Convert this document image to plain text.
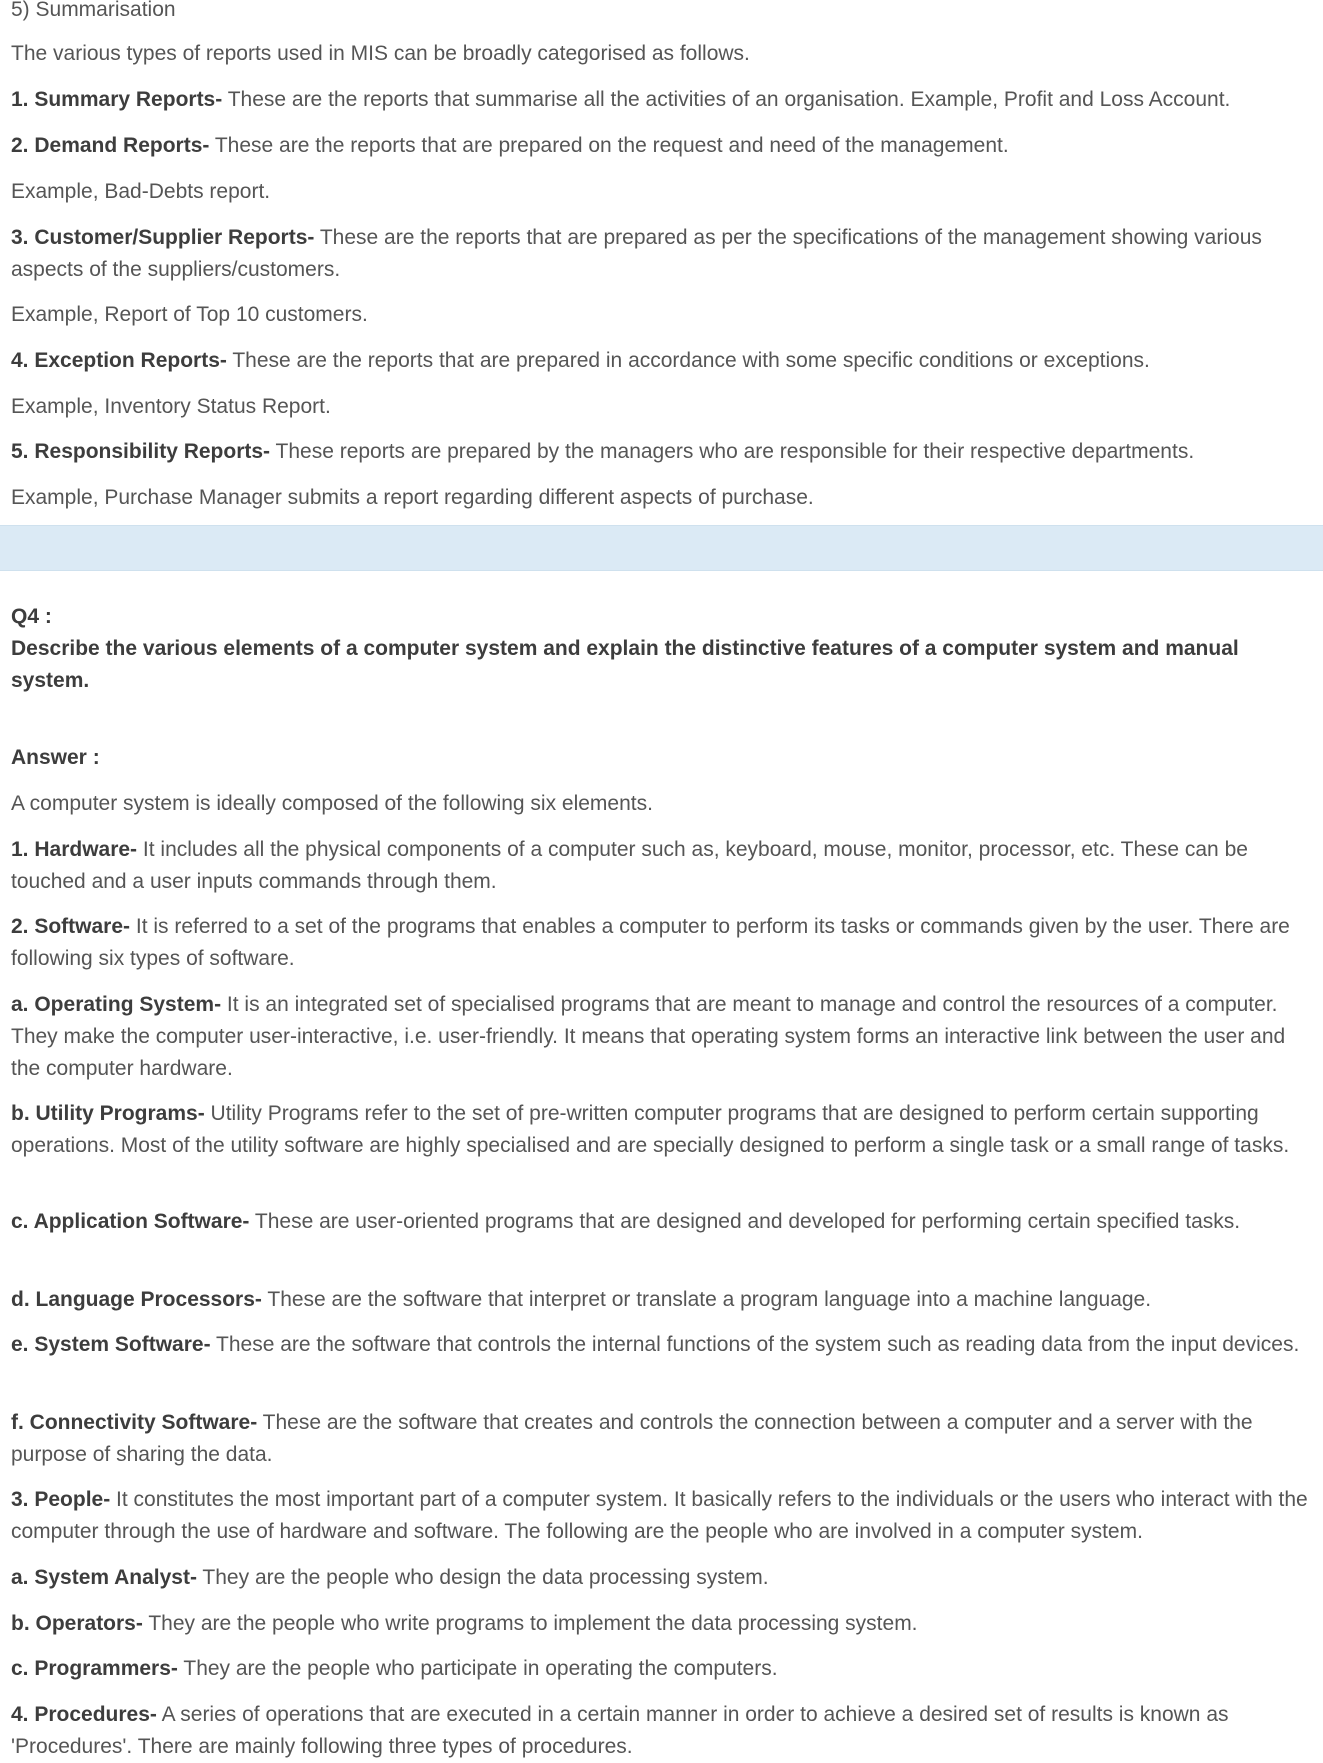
5) Summarisation

The various types of reports used in MIS can be broadly categorised as follows.

1. Summary Reports- These are the reports that summarise all the activities of an organisation. Example, Profit and Loss Account.

2. Demand Reports- These are the reports that are prepared on the request and need of the management.

Example, Bad-Debts report.

3. Customer/Supplier Reports- These are the reports that are prepared as per the specifications of the management showing various aspects of the suppliers/customers.

Example, Report of Top 10 customers.

4. Exception Reports- These are the reports that are prepared in accordance with some specific conditions or exceptions.

Example, Inventory Status Report.

5. Responsibility Reports- These reports are prepared by the managers who are responsible for their respective departments.

Example, Purchase Manager submits a report regarding different aspects of purchase.

Q4 :

Describe the various elements of a computer system and explain the distinctive features of a computer system and manual system.

Answer :

A computer system is ideally composed of the following six elements.

1. Hardware- It includes all the physical components of a computer such as, keyboard, mouse, monitor, processor, etc. These can be touched and a user inputs commands through them.

2. Software- It is referred to a set of the programs that enables a computer to perform its tasks or commands given by the user. There are following six types of software.

a. Operating System- It is an integrated set of specialised programs that are meant to manage and control the resources of a computer. They make the computer user-interactive, i.e. user-friendly. It means that operating system forms an interactive link between the user and the computer hardware.

b. Utility Programs- Utility Programs refer to the set of pre-written computer programs that are designed to perform certain supporting operations. Most of the utility software are highly specialised and are specially designed to perform a single task or a small range of tasks.

c. Application Software- These are user-oriented programs that are designed and developed for performing certain specified tasks.

d. Language Processors- These are the software that interpret or translate a program language into a machine language.

e. System Software- These are the software that controls the internal functions of the system such as reading data from the input devices.

f. Connectivity Software- These are the software that creates and controls the connection between a computer and a server with the purpose of sharing the data.

3. People- It constitutes the most important part of a computer system. It basically refers to the individuals or the users who interact with the computer through the use of hardware and software. The following are the people who are involved in a computer system.

a. System Analyst- They are the people who design the data processing system.

b. Operators- They are the people who write programs to implement the data processing system.

c. Programmers- They are the people who participate in operating the computers.

4. Procedures- A series of operations that are executed in a certain manner in order to achieve a desired set of results is known as 'Procedures'. There are mainly following three types of procedures.
